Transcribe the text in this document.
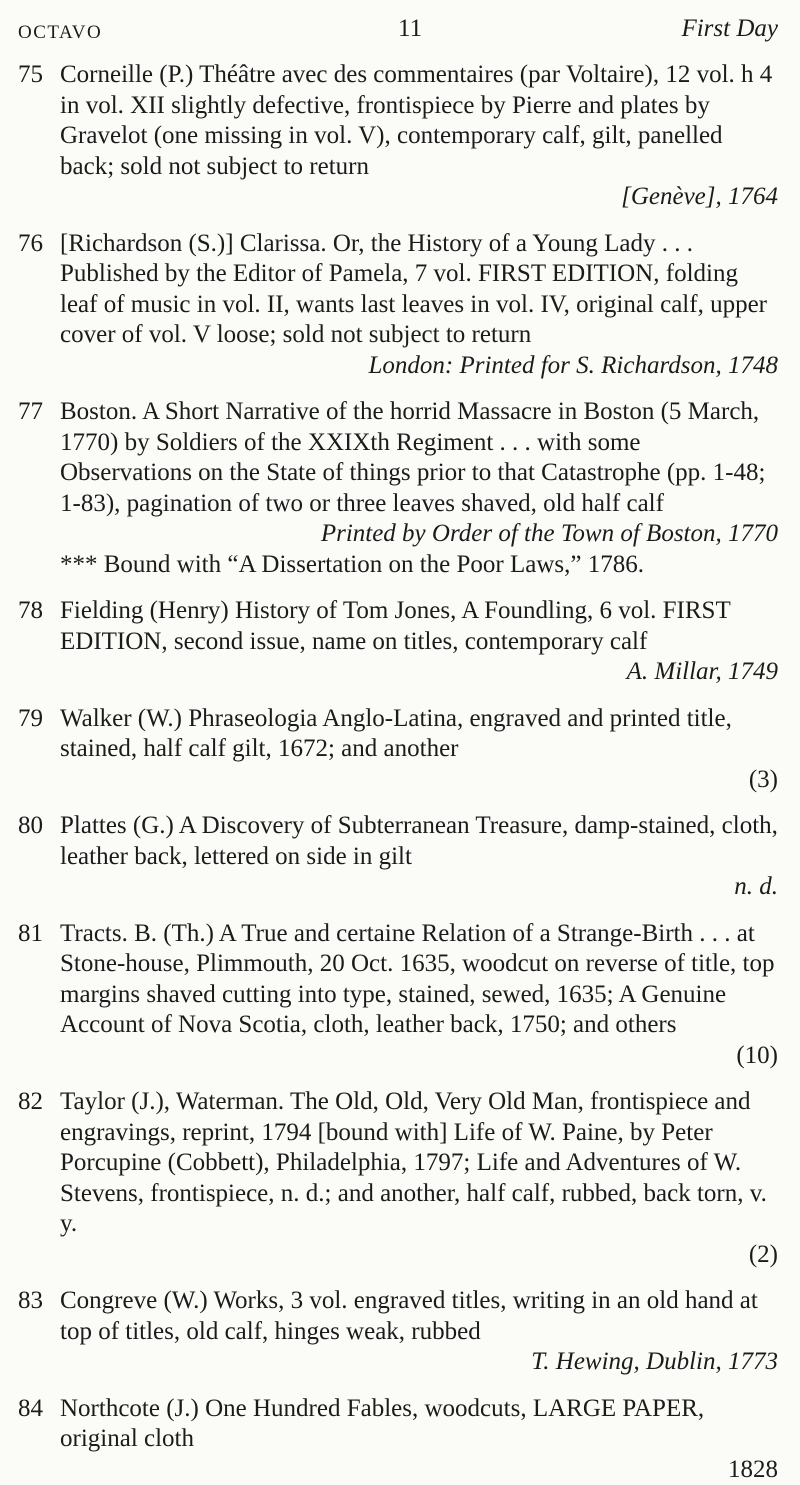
OCTAVO	11	First Day
75 Corneille (P.) Théâtre avec des commentaires (par Voltaire), 12 vol. h 4 in vol. XII slightly defective, frontispiece by Pierre and plates by Gravelot (one missing in vol. V), contemporary calf, gilt, panelled back; sold not subject to return
[Genève], 1764
76 [Richardson (S.)] Clarissa. Or, the History of a Young Lady . . . Published by the Editor of Pamela, 7 vol. FIRST EDITION, folding leaf of music in vol. II, wants last leaves in vol. IV, original calf, upper cover of vol. V loose; sold not subject to return
London: Printed for S. Richardson, 1748
77 Boston. A Short Narrative of the horrid Massacre in Boston (5 March, 1770) by Soldiers of the XXIXth Regiment . . . with some Observations on the State of things prior to that Catastrophe (pp. 1-48; 1-83), pagination of two or three leaves shaved, old half calf
Printed by Order of the Town of Boston, 1770
*** Bound with “A Dissertation on the Poor Laws,” 1786.
78 Fielding (Henry) History of Tom Jones, A Foundling, 6 vol. FIRST EDITION, second issue, name on titles, contemporary calf
A. Millar, 1749
79 Walker (W.) Phraseologia Anglo-Latina, engraved and printed title, stained, half calf gilt, 1672; and another
(3)
80 Plattes (G.) A Discovery of Subterranean Treasure, damp-stained, cloth, leather back, lettered on side in gilt
n. d.
81 Tracts. B. (Th.) A True and certaine Relation of a Strange-Birth . . . at Stone-house, Plimmouth, 20 Oct. 1635, woodcut on reverse of title, top margins shaved cutting into type, stained, sewed, 1635; A Genuine Account of Nova Scotia, cloth, leather back, 1750; and others
(10)
82 Taylor (J.), Waterman. The Old, Old, Very Old Man, frontispiece and engravings, reprint, 1794 [bound with] Life of W. Paine, by Peter Porcupine (Cobbett), Philadelphia, 1797; Life and Adventures of W. Stevens, frontispiece, n. d.; and another, half calf, rubbed, back torn, v. y.
(2)
83 Congreve (W.) Works, 3 vol. engraved titles, writing in an old hand at top of titles, old calf, hinges weak, rubbed
T. Hewing, Dublin, 1773
84 Northcote (J.) One Hundred Fables, woodcuts, LARGE PAPER, original cloth
1828
